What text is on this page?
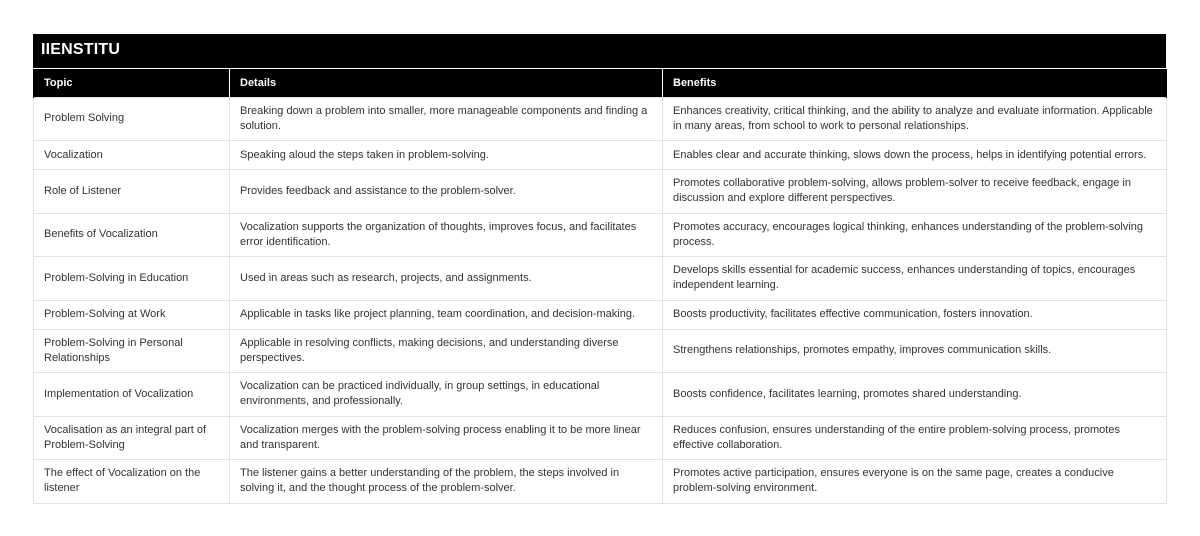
IIENSTITU
Topic	Details	Benefits
Problem Solving	Breaking down a problem into smaller, more manageable components and finding a solution.	Enhances creativity, critical thinking, and the ability to analyze and evaluate information. Applicable in many areas, from school to work to personal relationships.
Vocalization	Speaking aloud the steps taken in problem-solving.	Enables clear and accurate thinking, slows down the process, helps in identifying potential errors.
Role of Listener	Provides feedback and assistance to the problem-solver.	Promotes collaborative problem-solving, allows problem-solver to receive feedback, engage in discussion and explore different perspectives.
Benefits of Vocalization	Vocalization supports the organization of thoughts, improves focus, and facilitates error identification.	Promotes accuracy, encourages logical thinking, enhances understanding of the problem-solving process.
Problem-Solving in Education	Used in areas such as research, projects, and assignments.	Develops skills essential for academic success, enhances understanding of topics, encourages independent learning.
Problem-Solving at Work	Applicable in tasks like project planning, team coordination, and decision-making.	Boosts productivity, facilitates effective communication, fosters innovation.
Problem-Solving in Personal Relationships	Applicable in resolving conflicts, making decisions, and understanding diverse perspectives.	Strengthens relationships, promotes empathy, improves communication skills.
Implementation of Vocalization	Vocalization can be practiced individually, in group settings, in educational environments, and professionally.	Boosts confidence, facilitates learning, promotes shared understanding.
Vocalisation as an integral part of Problem-Solving	Vocalization merges with the problem-solving process enabling it to be more linear and transparent.	Reduces confusion, ensures understanding of the entire problem-solving process, promotes effective collaboration.
The effect of Vocalization on the listener	The listener gains a better understanding of the problem, the steps involved in solving it, and the thought process of the problem-solver.	Promotes active participation, ensures everyone is on the same page, creates a conducive problem-solving environment.
